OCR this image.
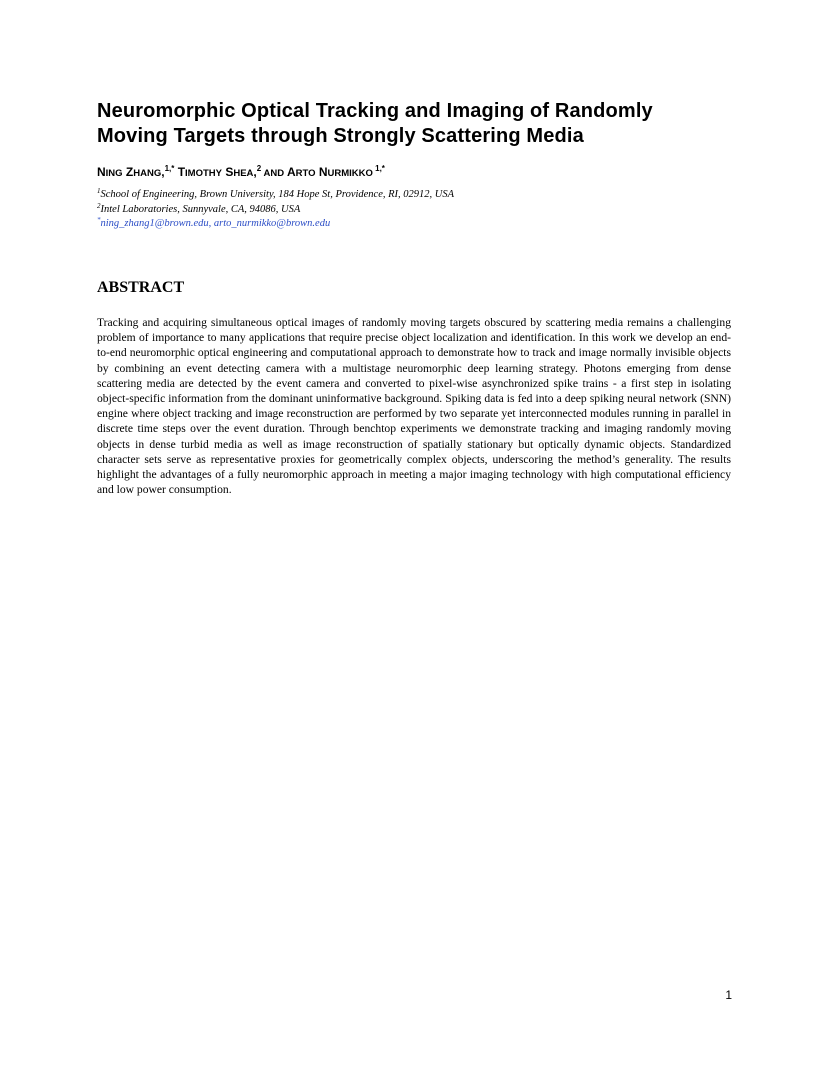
Neuromorphic Optical Tracking and Imaging of Randomly
Moving Targets through Strongly Scattering Media
NING ZHANG,$^{1,*}$ TIMOTHY SHEA,$^2$ AND ARTO NURMIKKO $^{1,*}$
$^1$School of Engineering, Brown University, 184 Hope St, Providence, RI, 02912, USA
$^2$Intel Laboratories, Sunnyvale, CA, 94086, USA
*ning_zhang1@brown.edu, arto_nurmikko@brown.edu
ABSTRACT

Tracking and acquiring simultaneous optical images of randomly moving targets obscured by scattering media remains a challenging problem of importance to many applications that require precise object localization and identification. In this work we develop an end-to-end neuromorphic optical engineering and computational approach to demonstrate how to track and image normally invisible objects by combining an event detecting camera with a multistage neuromorphic deep learning strategy. Photons emerging from dense scattering media are detected by the event camera and converted to pixel-wise asynchronized spike trains - a first step in isolating object-specific information from the dominant uninformative background. Spiking data is fed into a deep spiking neural network (SNN) engine where object tracking and image reconstruction are performed by two separate yet interconnected modules running in parallel in discrete time steps over the event duration. Through benchtop experiments we demonstrate tracking and imaging randomly moving objects in dense turbid media as well as image reconstruction of spatially stationary but optically dynamic objects. Standardized character sets serve as representative proxies for geometrically complex objects, underscoring the method’s generality. The results highlight the advantages of a fully neuromorphic approach in meeting a major imaging technology with high computational efficiency and low power consumption.

1
